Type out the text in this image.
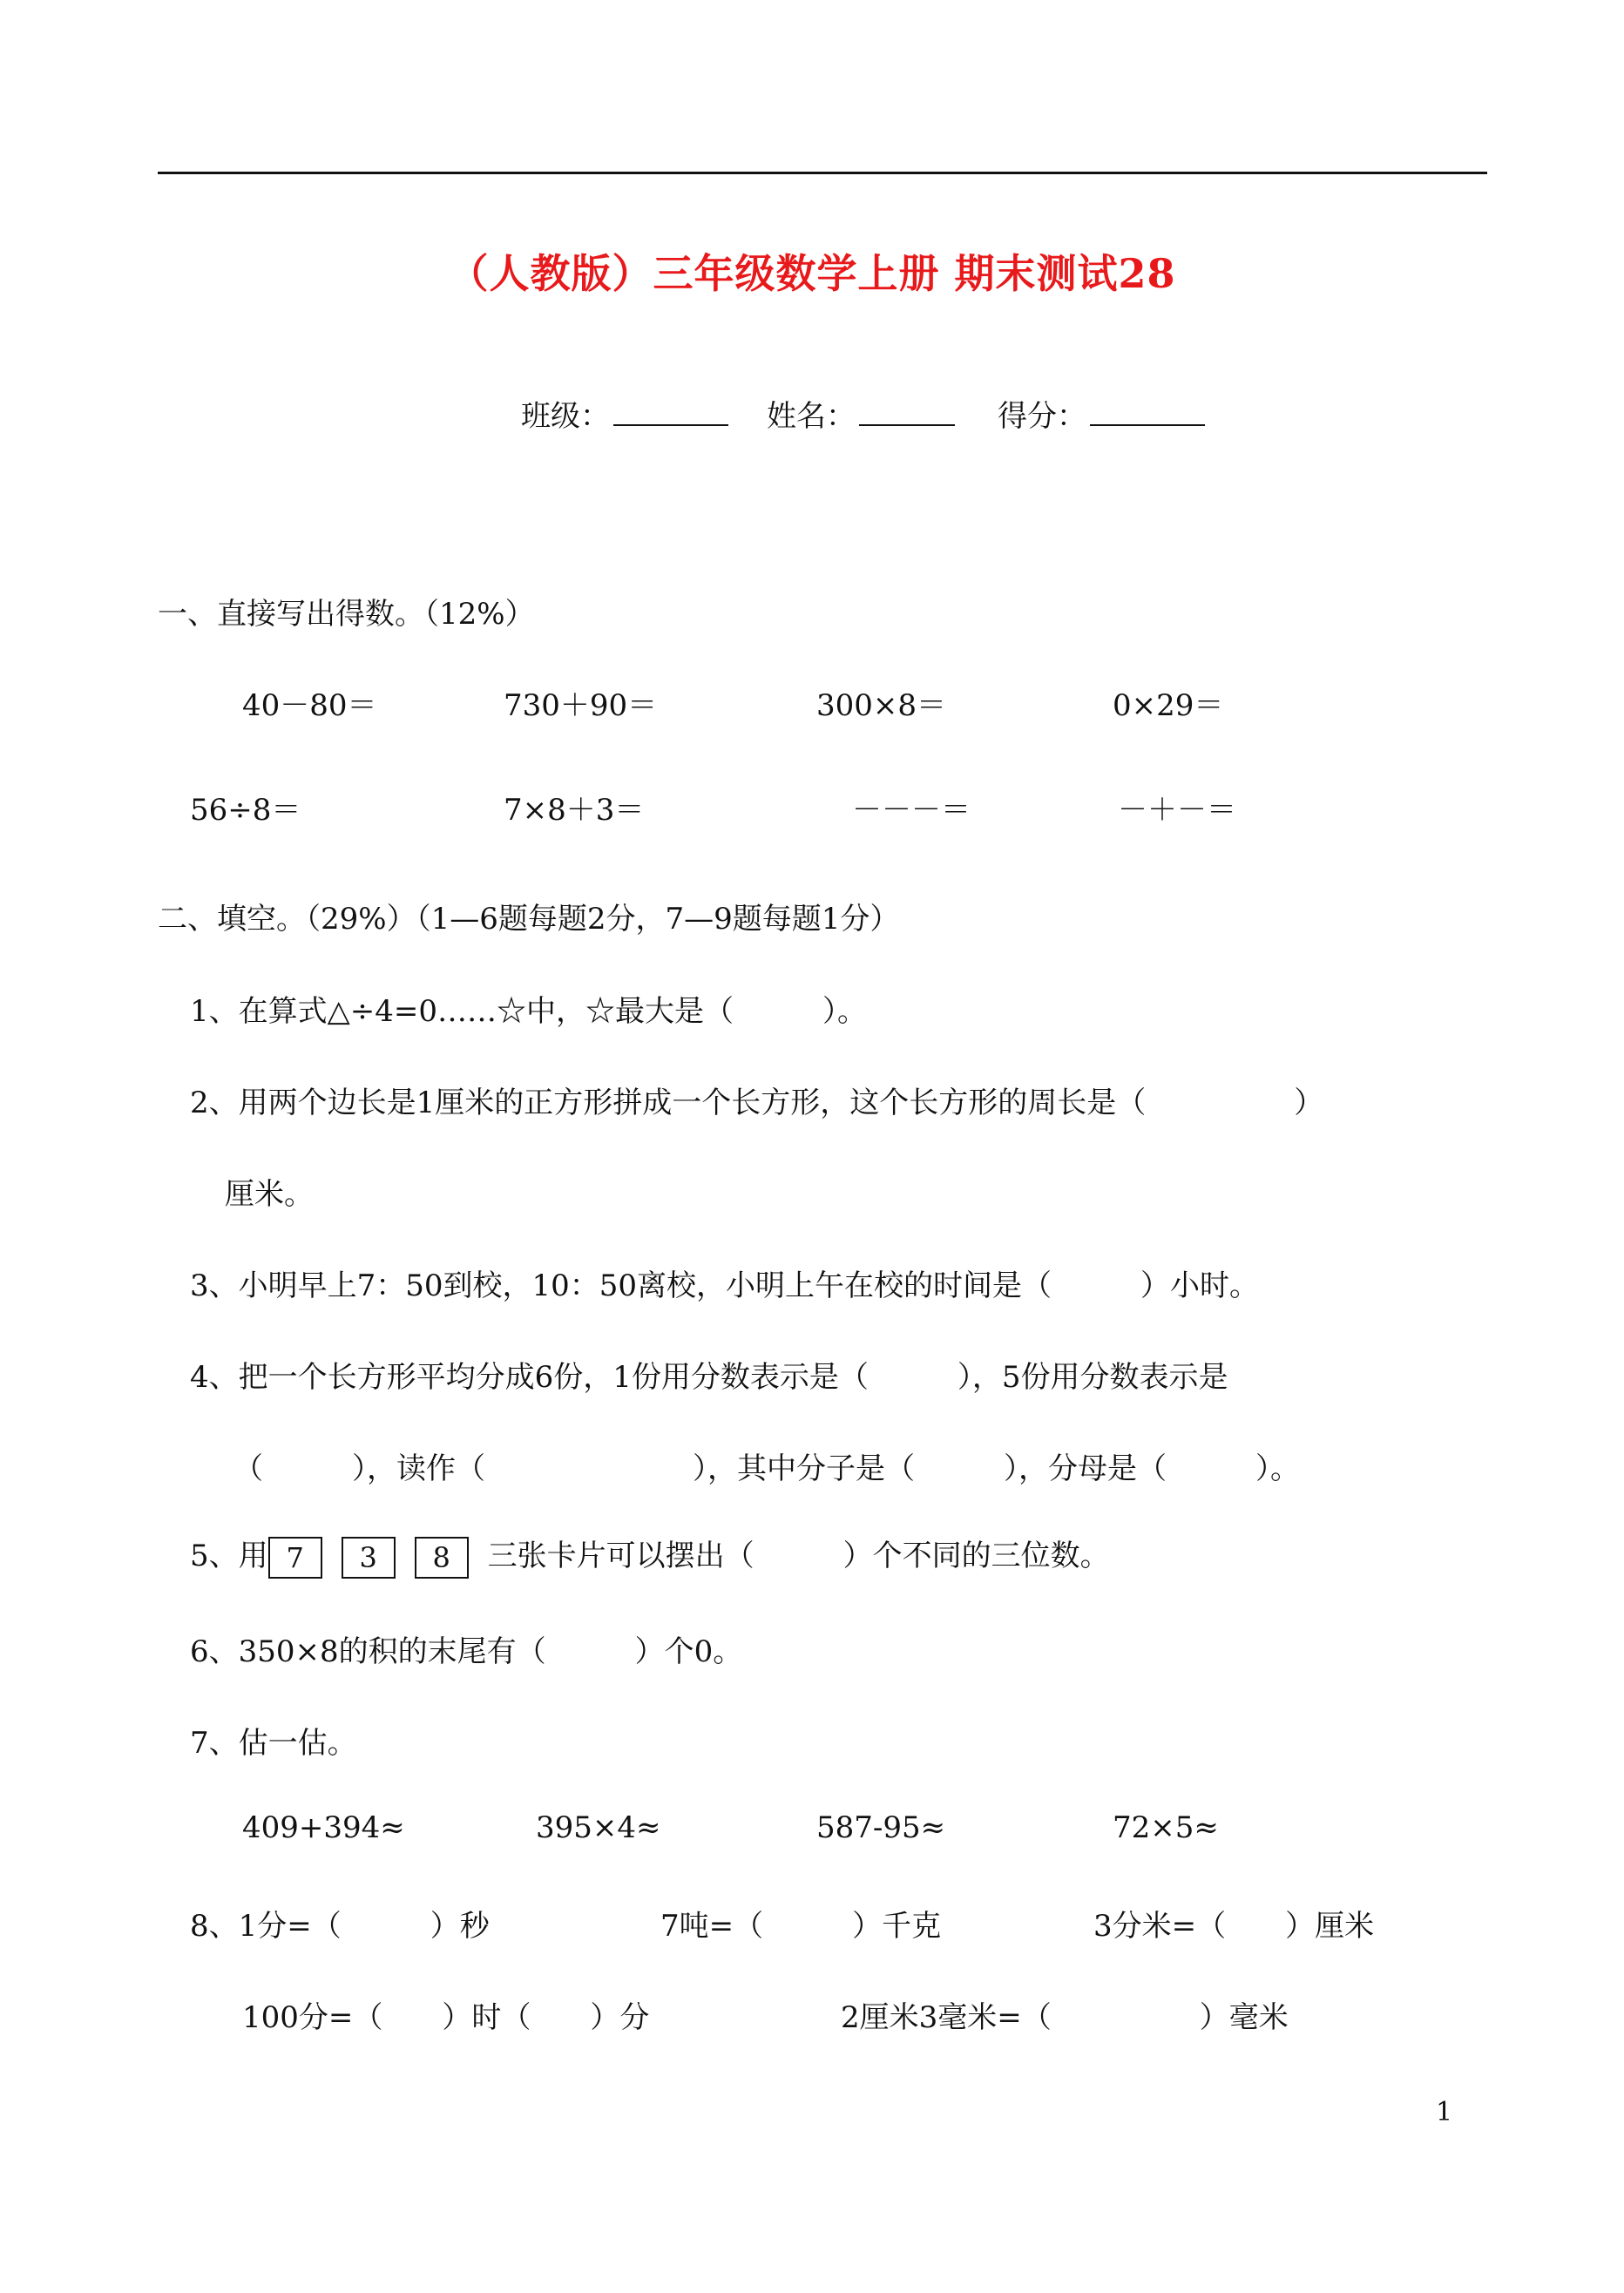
（人教版）三年级数学上册 期末测试28
班级：	姓名：	得分：
一、直接写出得数。（12%）
40－80＝	730＋90＝	300×8＝	0×29＝
56÷8＝	7×8＋3＝	－－－＝	－＋－＝
二、填空。（29%）（1—6题每题2分，7—9题每题1分）
1、在算式△÷4=0……☆中，☆最大是（　　　）。
2、用两个边长是1厘米的正方形拼成一个长方形，这个长方形的周长是（　　　　　）
厘米。
3、小明早上7：50到校，10：50离校，小明上午在校的时间是（　　　）小时。
4、把一个长方形平均分成6份，1份用分数表示是（　　　），5份用分数表示是
（　　　），读作（　　　　　　　），其中分子是（　　　），分母是（　　　）。
5、用 7 3 8 三张卡片可以摆出（　　　）个不同的三位数。
6、350×8的积的末尾有（　　　）个0。
7、估一估。
409+394≈	395×4≈	587-95≈	72×5≈
8、1分=（　　　）秒	7吨=（　　　）千克	3分米=（　　）厘米
100分=（　　）时（　　）分	2厘米3毫米=（　　　　　）毫米
1
